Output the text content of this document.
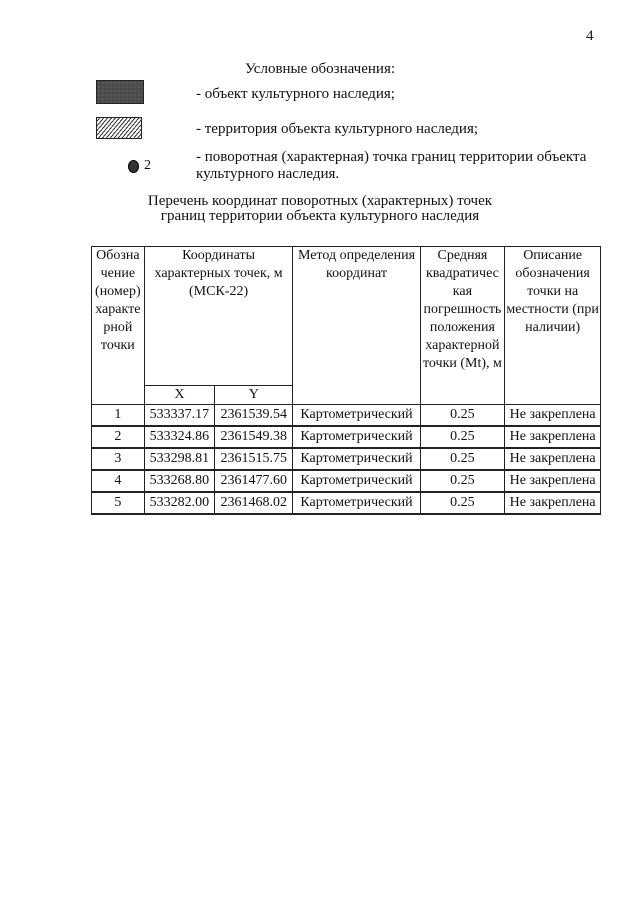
4
Условные обозначения:
- объект культурного наследия;
- территория объекта культурного наследия;
2
- поворотная (характерная) точка границ территории объекта культурного наследия.
Перечень координат поворотных (характерных) точек
границ территории объекта культурного наследия
Обозна чение (номер) характе рной точки	Координаты характерных точек, м (МСК-22)		Метод определения координат	Средняя квадратичес кая погрешность положения характерной точки (Mt), м	Описание обозначения точки на местности (при наличии)
	X	Y			
1	533337.17	2361539.54	Картометрический	0.25	Не закреплена
2	533324.86	2361549.38	Картометрический	0.25	Не закреплена
3	533298.81	2361515.75	Картометрический	0.25	Не закреплена
4	533268.80	2361477.60	Картометрический	0.25	Не закреплена
5	533282.00	2361468.02	Картометрический	0.25	Не закреплена
